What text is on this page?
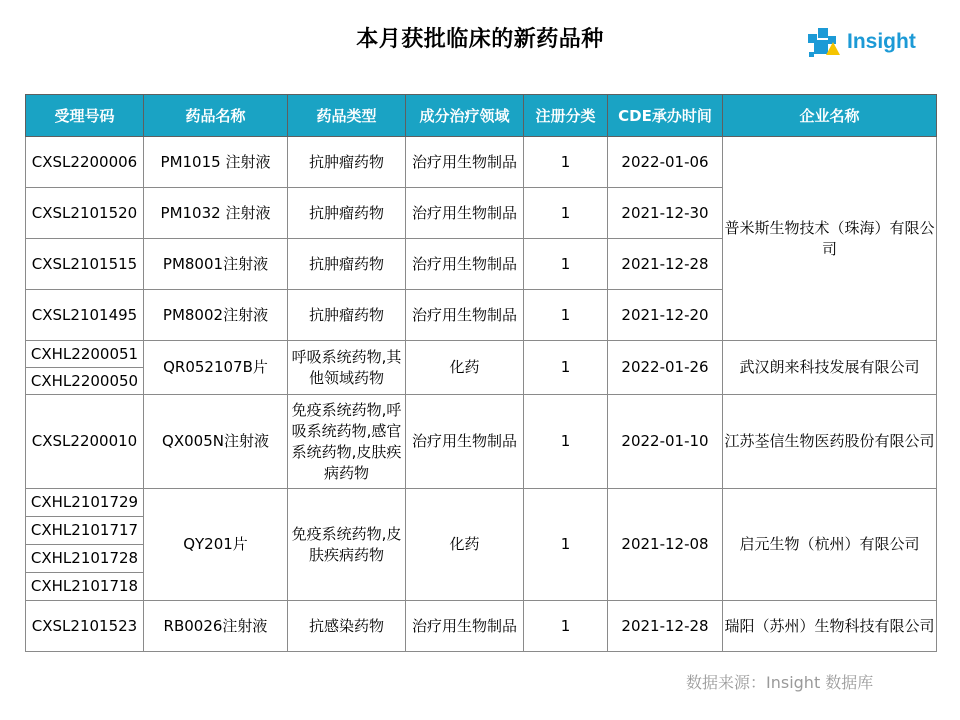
本月获批临床的新药品种	Insight
受理号码	药品名称	药品类型	成分治疗领域	注册分类	CDE承办时间	企业名称
CXSL2200006	PM1015 注射液	抗肿瘤药物	治疗用生物制品	1	2022-01-06	普米斯生物技术（珠海）有限公司
CXSL2101520	PM1032 注射液	抗肿瘤药物	治疗用生物制品	1	2021-12-30	
CXSL2101515	PM8001注射液	抗肿瘤药物	治疗用生物制品	1	2021-12-28	
CXSL2101495	PM8002注射液	抗肿瘤药物	治疗用生物制品	1	2021-12-20	
CXHL2200051	QR052107B片	呼吸系统药物,其他领域药物	化药	1	2022-01-26	武汉朗来科技发展有限公司
CXHL2200050						
CXSL2200010	QX005N注射液	免疫系统药物,呼吸系统药物,感官系统药物,皮肤疾病药物	治疗用生物制品	1	2022-01-10	江苏荃信生物医药股份有限公司
CXHL2101729	QY201片	免疫系统药物,皮肤疾病药物	化药	1	2021-12-08	启元生物（杭州）有限公司
CXHL2101717						
CXHL2101728						
CXHL2101718						
CXSL2101523	RB0026注射液	抗感染药物	治疗用生物制品	1	2021-12-28	瑞阳（苏州）生物科技有限公司
数据来源：Insight 数据库
